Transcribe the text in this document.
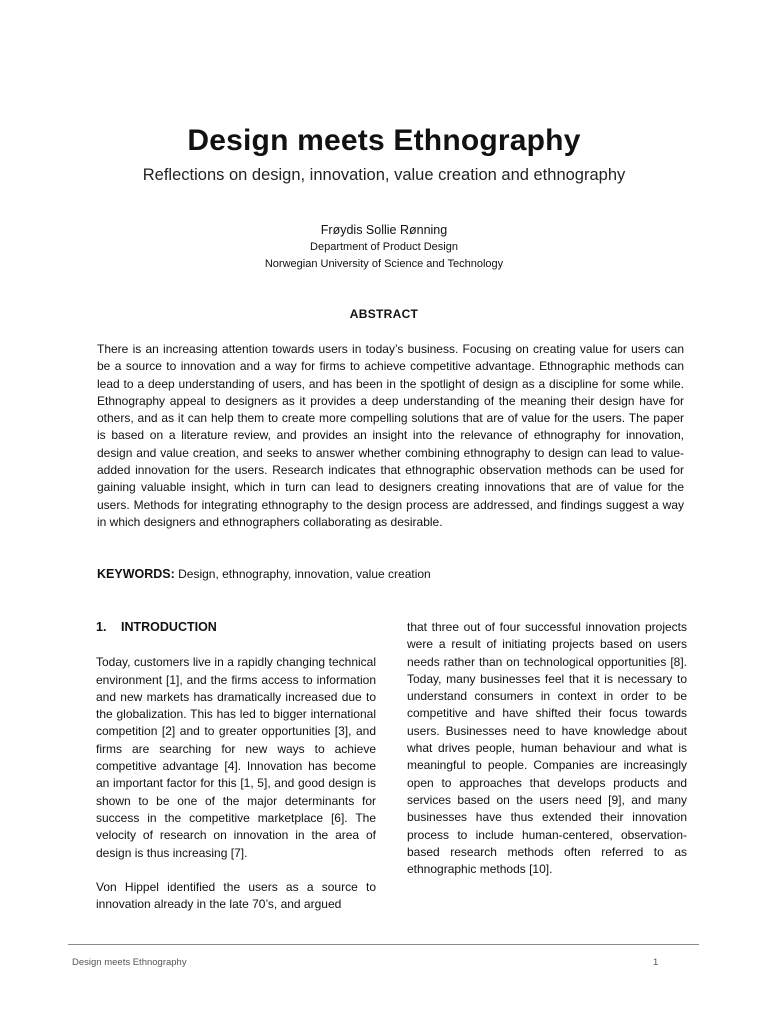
Design meets Ethnography
Reflections on design, innovation, value creation and ethnography
Frøydis Sollie Rønning
Department of Product Design
Norwegian University of Science and Technology
ABSTRACT
There is an increasing attention towards users in today’s business. Focusing on creating value for users can be a source to innovation and a way for firms to achieve competitive advantage. Ethnographic methods can lead to a deep understanding of users, and has been in the spotlight of design as a discipline for some while. Ethnography appeal to designers as it provides a deep understanding of the meaning their design have for others, and as it can help them to create more compelling solutions that are of value for the users. The paper is based on a literature review, and provides an insight into the relevance of ethnography for innovation, design and value creation, and seeks to answer whether combining ethnography to design can lead to value-added innovation for the users. Research indicates that ethnographic observation methods can be used for gaining valuable insight, which in turn can lead to designers creating innovations that are of value for the users. Methods for integrating ethnography to the design process are addressed, and findings suggest a way in which designers and ethnographers collaborating as desirable.
KEYWORDS: Design, ethnography, innovation, value creation
1. INTRODUCTION

Today, customers live in a rapidly changing technical environment [1], and the firms access to information and new markets has dramatically increased due to the globalization. This has led to bigger international competition [2] and to greater opportunities [3], and firms are searching for new ways to achieve competitive advantage [4]. Innovation has become an important factor for this [1, 5], and good design is shown to be one of the major determinants for success in the competitive marketplace [6]. The velocity of research on innovation in the area of design is thus increasing [7].

Von Hippel identified the users as a source to innovation already in the late 70’s, and argued

that three out of four successful innovation projects were a result of initiating projects based on users needs rather than on technological opportunities [8]. Today, many businesses feel that it is necessary to understand consumers in context in order to be competitive and have shifted their focus towards users. Businesses need to have knowledge about what drives people, human behaviour and what is meaningful to people. Companies are increasingly open to approaches that develops products and services based on the users need [9], and many businesses have thus extended their innovation process to include human-centered, observation-based research methods often referred to as ethnographic methods [10].

Design meets Ethnography	1
